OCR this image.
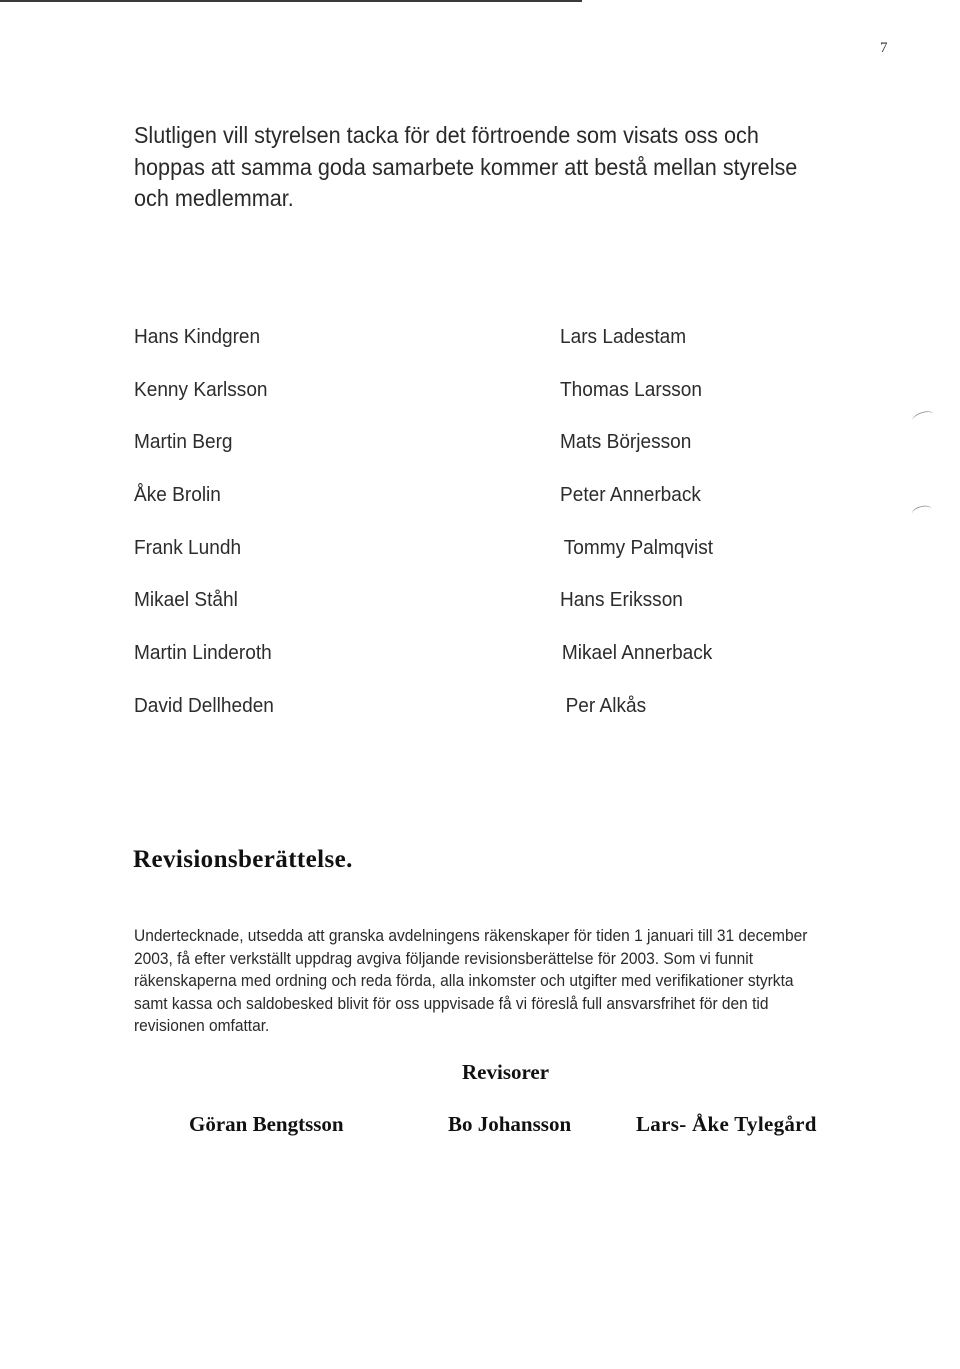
7

Slutligen vill styrelsen tacka för det förtroende som visats oss och hoppas att samma goda samarbete kommer att bestå mellan styrelse och medlemmar.

Hans Kindgren
Kenny Karlsson
Martin Berg
Åke Brolin
Frank Lundh
Mikael Ståhl
Martin Linderoth
David Dellheden
Lars Ladestam
Thomas Larsson
Mats Börjesson
Peter Annerback
Tommy Palmqvist
Hans Eriksson
Mikael Annerback
Per Alkås
Revisionsberättelse.

Undertecknade, utsedda att granska avdelningens räkenskaper för tiden 1 januari till 31 december 2003, få efter verkställt uppdrag avgiva följande revisionsberättelse för 2003. Som vi funnit räkenskaperna med ordning och reda förda, alla inkomster och utgifter med verifikationer styrkta samt kassa och saldobesked blivit för oss uppvisade få vi föreslå full ansvarsfrihet för den tid revisionen omfattar.

Revisorer
Göran Bengtsson	Bo Johansson	Lars- Åke Tylegård
